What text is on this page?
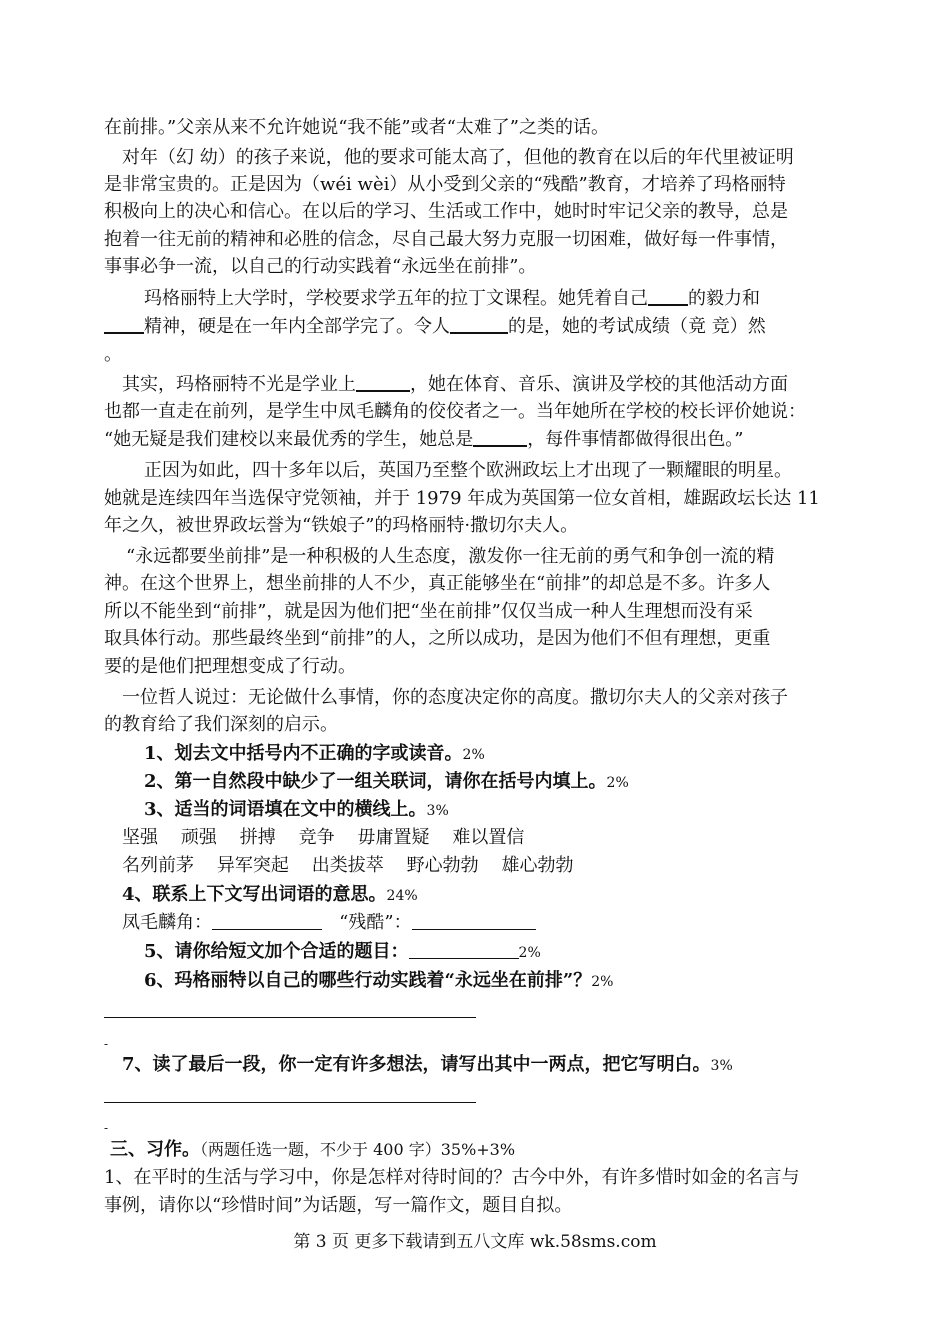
在前排。”父亲从来不允许她说“我不能”或者“太难了”之类的话。
对年（幻 幼）的孩子来说，他的要求可能太高了，但他的教育在以后的年代里被证明
是非常宝贵的。正是因为（wéi wèi）从小受到父亲的“残酷”教育，才培养了玛格丽特
积极向上的决心和信心。在以后的学习、生活或工作中，她时时牢记父亲的教导，总是
抱着一往无前的精神和必胜的信念，尽自己最大努力克服一切困难，做好每一件事情，
事事必争一流，以自己的行动实践着“永远坐在前排”。
玛格丽特上大学时，学校要求学五年的拉丁文课程。她凭着自己 的毅力和
精神，硬是在一年内全部学完了。令人	的是，她的考试成绩（竟 竞）然
。
其实，玛格丽特不光是学业上	，她在体育、音乐、演讲及学校的其他活动方面
也都一直走在前列，是学生中凤毛麟角的佼佼者之一。当年她所在学校的校长评价她说：
“她无疑是我们建校以来最优秀的学生，她总是	，每件事情都做得很出色。”
正因为如此，四十多年以后，英国乃至整个欧洲政坛上才出现了一颗耀眼的明星。
她就是连续四年当选保守党领袖，并于 1979 年成为英国第一位女首相，雄踞政坛长达 11
年之久，被世界政坛誉为“铁娘子”的玛格丽特·撒切尔夫人。
“永远都要坐前排”是一种积极的人生态度，激发你一往无前的勇气和争创一流的精
神。在这个世界上，想坐前排的人不少，真正能够坐在“前排”的却总是不多。许多人
所以不能坐到“前排”，就是因为他们把“坐在前排”仅仅当成一种人生理想而没有采
取具体行动。那些最终坐到“前排”的人，之所以成功，是因为他们不但有理想，更重
要的是他们把理想变成了行动。
一位哲人说过：无论做什么事情，你的态度决定你的高度。撒切尔夫人的父亲对孩子
的教育给了我们深刻的启示。
1、划去文中括号内不正确的字或读音。2%
2、第一自然段中缺少了一组关联词，请你在括号内填上。2%
3、适当的词语填在文中的横线上。3%
坚强    顽强    拼搏    竞争    毋庸置疑    难以置信
名列前茅    异军突起    出类拔萃    野心勃勃    雄心勃勃
4、联系上下文写出词语的意思。24%
凤毛麟角：	“残酷”：
5、请你给短文加个合适的题目：	2%
6、玛格丽特以自己的哪些行动实践着“永远坐在前排”？2%
-
7、读了最后一段，你一定有许多想法，请写出其中一两点，把它写明白。3%
-
三、习作。（两题任选一题，不少于 400 字）35%+3%
1、在平时的生活与学习中，你是怎样对待时间的？古今中外，有许多惜时如金的名言与
事例，请你以“珍惜时间”为话题，写一篇作文，题目自拟。
第 3 页 更多下载请到五八文库 wk.58sms.com
